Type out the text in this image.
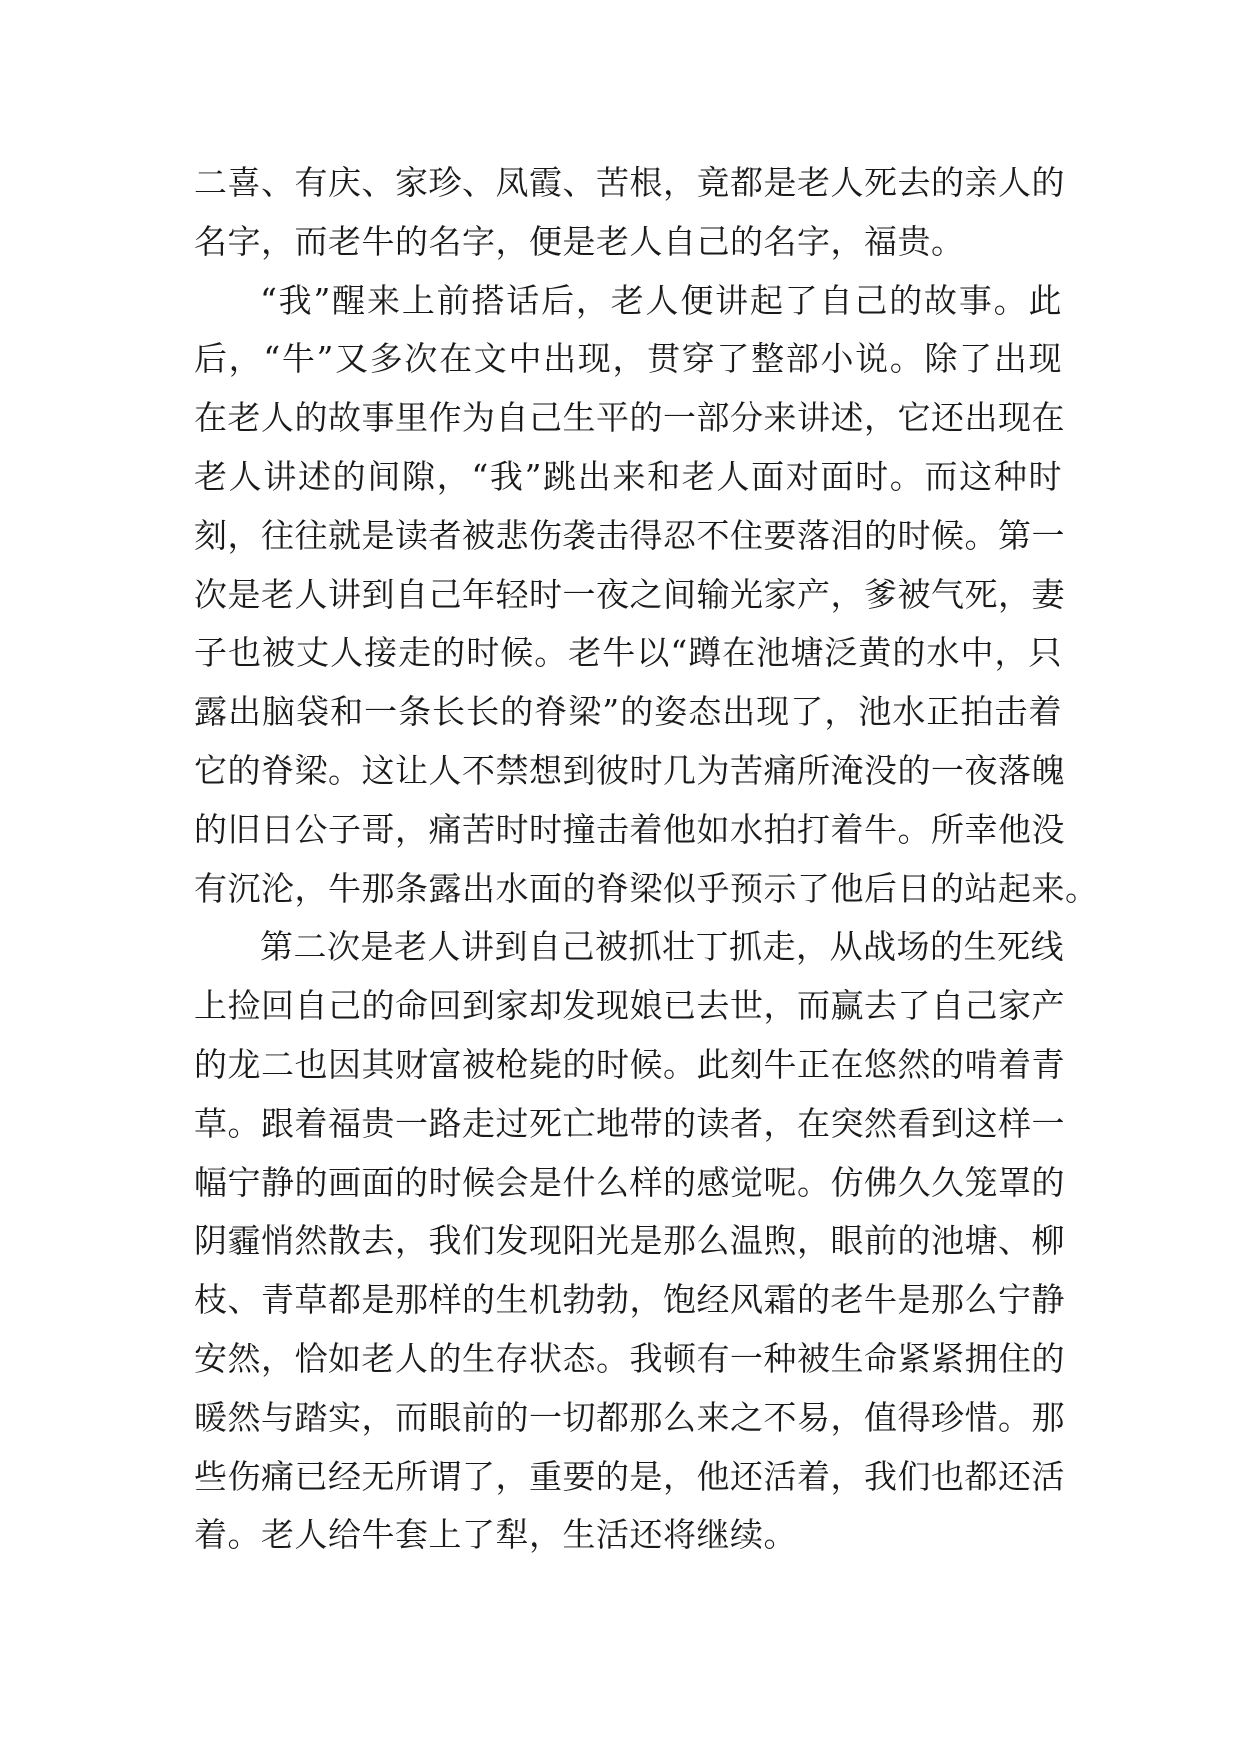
二喜、有庆、家珍、凤霞、苦根，竟都是老人死去的亲人的
名字，而老牛的名字，便是老人自己的名字，福贵。
“我”醒来上前搭话后，老人便讲起了自己的故事。此
后，“牛”又多次在文中出现，贯穿了整部小说。除了出现
在老人的故事里作为自己生平的一部分来讲述，它还出现在
老人讲述的间隙，“我”跳出来和老人面对面时。而这种时
刻，往往就是读者被悲伤袭击得忍不住要落泪的时候。第一
次是老人讲到自己年轻时一夜之间输光家产，爹被气死，妻
子也被丈人接走的时候。老牛以“蹲在池塘泛黄的水中，只
露出脑袋和一条长长的脊梁”的姿态出现了，池水正拍击着
它的脊梁。这让人不禁想到彼时几为苦痛所淹没的一夜落魄
的旧日公子哥，痛苦时时撞击着他如水拍打着牛。所幸他没
有沉沦，牛那条露出水面的脊梁似乎预示了他后日的站起来。
第二次是老人讲到自己被抓壮丁抓走，从战场的生死线
上捡回自己的命回到家却发现娘已去世，而赢去了自己家产
的龙二也因其财富被枪毙的时候。此刻牛正在悠然的啃着青
草。跟着福贵一路走过死亡地带的读者，在突然看到这样一
幅宁静的画面的时候会是什么样的感觉呢。仿佛久久笼罩的
阴霾悄然散去，我们发现阳光是那么温煦，眼前的池塘、柳
枝、青草都是那样的生机勃勃，饱经风霜的老牛是那么宁静
安然，恰如老人的生存状态。我顿有一种被生命紧紧拥住的
暖然与踏实，而眼前的一切都那么来之不易，值得珍惜。那
些伤痛已经无所谓了，重要的是，他还活着，我们也都还活
着。老人给牛套上了犁，生活还将继续。
